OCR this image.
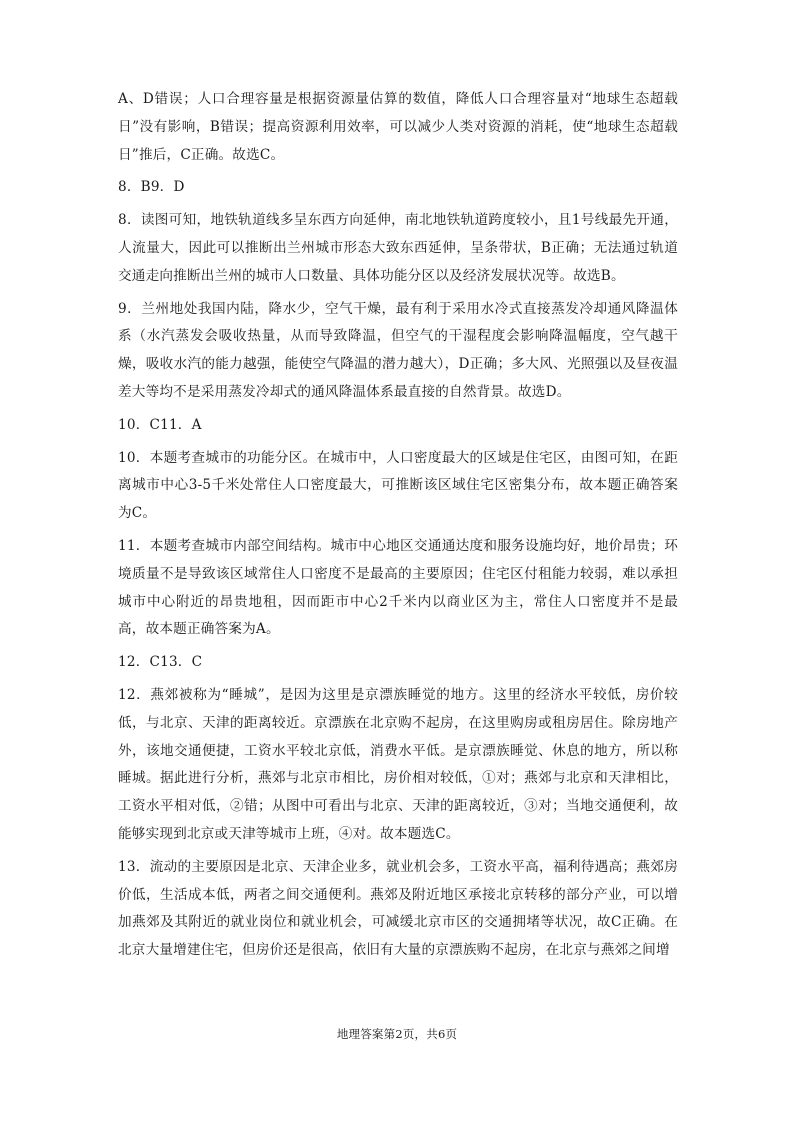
A、D错误；人口合理容量是根据资源量估算的数值，降低人口合理容量对“地球生态超载日”没有影响，B错误；提高资源利用效率，可以减少人类对资源的消耗，使“地球生态超载日”推后，C正确。故选C。

8．B9．D

8．读图可知，地铁轨道线多呈东西方向延伸，南北地铁轨道跨度较小，且1号线最先开通，人流量大，因此可以推断出兰州城市形态大致东西延伸，呈条带状，B正确；无法通过轨道交通走向推断出兰州的城市人口数量、具体功能分区以及经济发展状况等。故选B。

9．兰州地处我国内陆，降水少，空气干燥，最有利于采用水冷式直接蒸发冷却通风降温体系（水汽蒸发会吸收热量，从而导致降温，但空气的干湿程度会影响降温幅度，空气越干燥，吸收水汽的能力越强，能使空气降温的潜力越大），D正确；多大风、光照强以及昼夜温差大等均不是采用蒸发冷却式的通风降温体系最直接的自然背景。故选D。

10．C11．A

10．本题考查城市的功能分区。在城市中，人口密度最大的区域是住宅区，由图可知，在距离城市中心3-5千米处常住人口密度最大，可推断该区域住宅区密集分布，故本题正确答案为C。

11．本题考查城市内部空间结构。城市中心地区交通通达度和服务设施均好，地价昂贵；环境质量不是导致该区域常住人口密度不是最高的主要原因；住宅区付租能力较弱，难以承担城市中心附近的昂贵地租，因而距市中心2千米内以商业区为主，常住人口密度并不是最高，故本题正确答案为A。

12．C13．C

12．燕郊被称为“睡城”，是因为这里是京漂族睡觉的地方。这里的经济水平较低，房价较低，与北京、天津的距离较近。京漂族在北京购不起房，在这里购房或租房居住。除房地产外，该地交通便捷，工资水平较北京低，消费水平低。是京漂族睡觉、休息的地方，所以称睡城。据此进行分析，燕郊与北京市相比，房价相对较低，①对；燕郊与北京和天津相比，工资水平相对低，②错；从图中可看出与北京、天津的距离较近，③对；当地交通便利，故能够实现到北京或天津等城市上班，④对。故本题选C。

13．流动的主要原因是北京、天津企业多，就业机会多，工资水平高，福利待遇高；燕郊房价低，生活成本低，两者之间交通便利。燕郊及附近地区承接北京转移的部分产业，可以增加燕郊及其附近的就业岗位和就业机会，可减缓北京市区的交通拥堵等状况，故C正确。在北京大量增建住宅，但房价还是很高，依旧有大量的京漂族购不起房，在北京与燕郊之间增

地理答案第2页，共6页
